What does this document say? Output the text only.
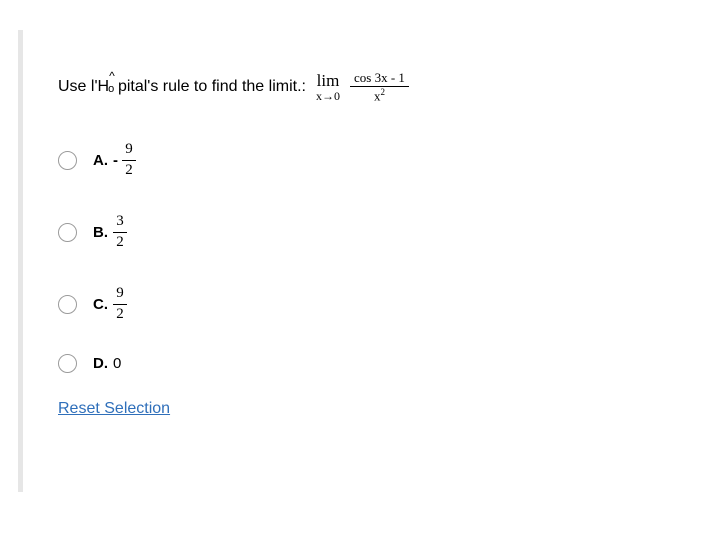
Use l'H
^
o pital's rule to find the limit.: lim
$x\to 0 \frac{\cos 3x - 1}{x^2}$
A. - $\frac{9}{2}$
B. $\frac{3}{2}$
C. $\frac{9}{2}$
D. 0
Reset Selection
